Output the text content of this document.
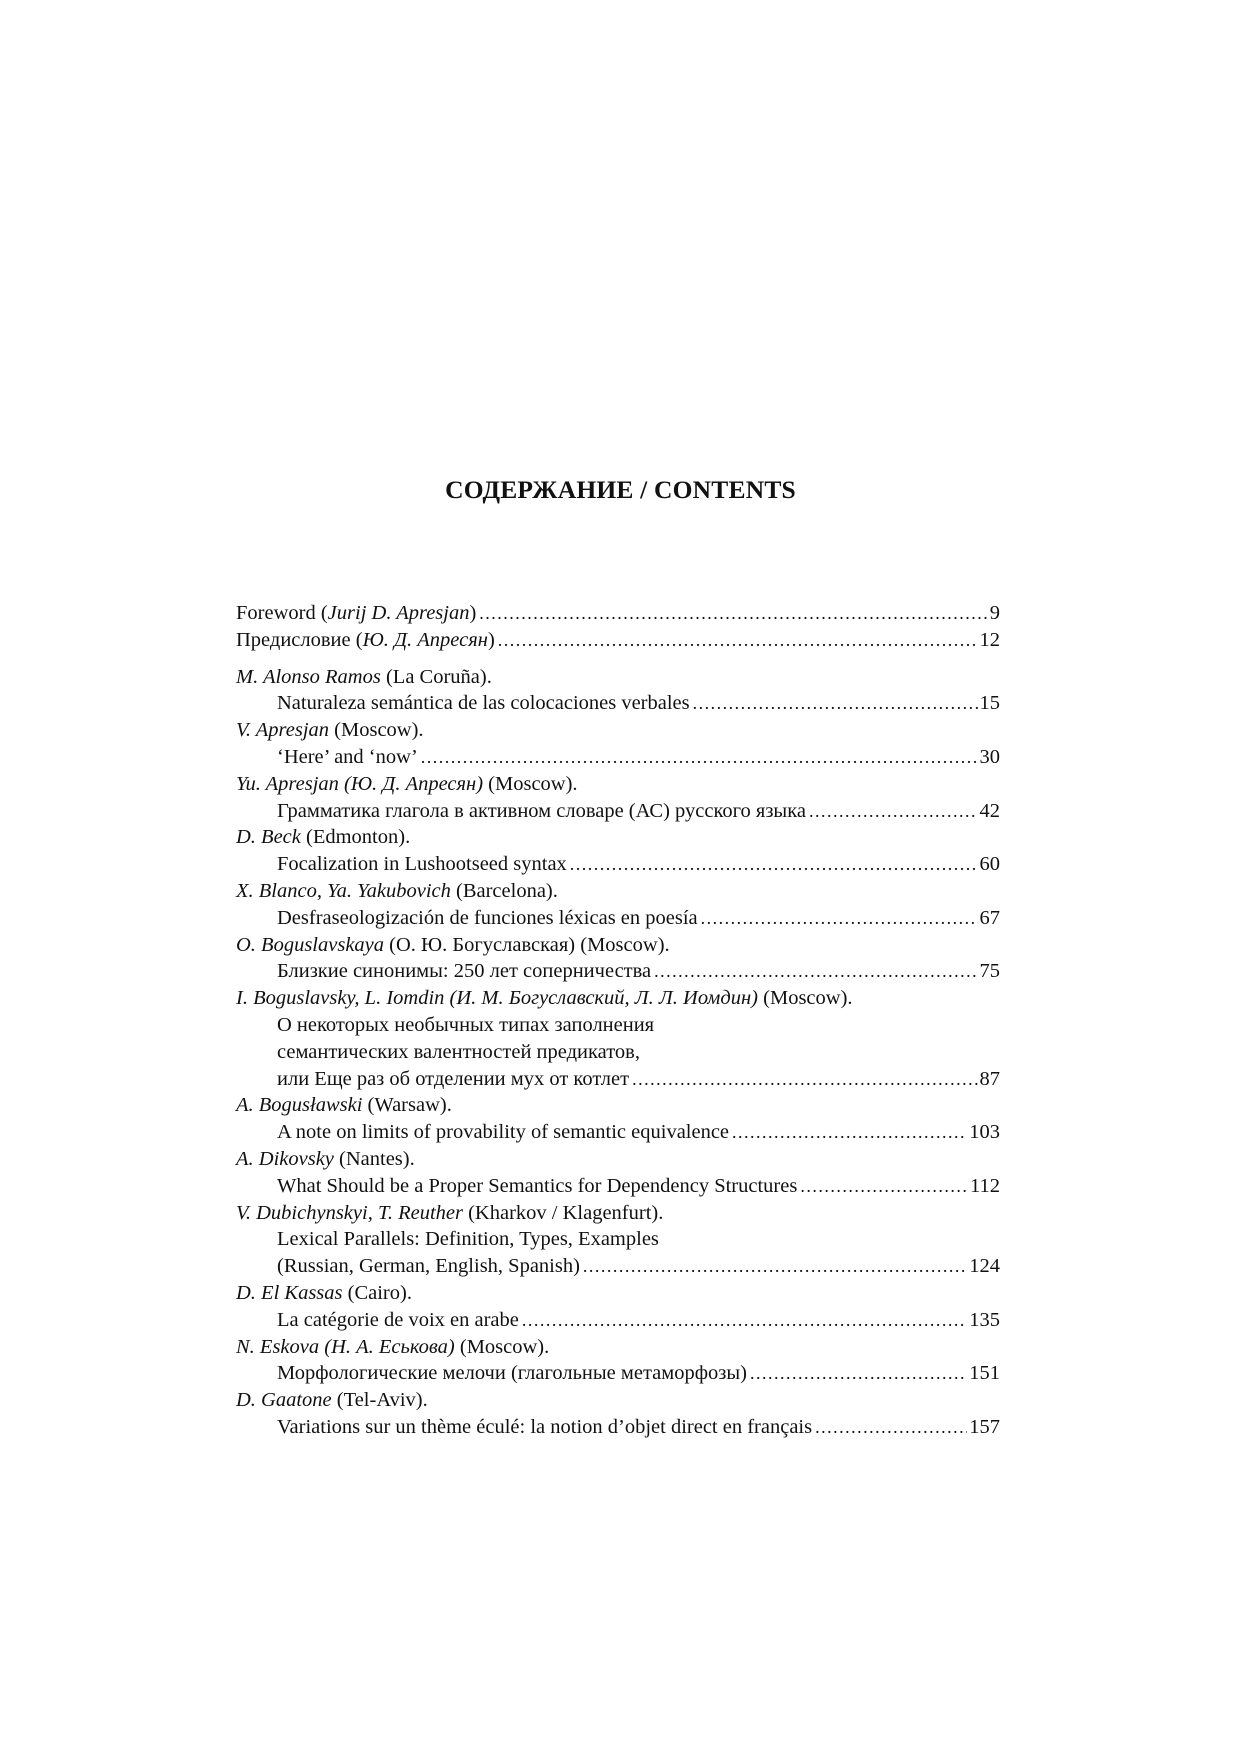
СОДЕРЖАНИЕ / CONTENTS
Foreword (Jurij D. Apresjan) .....	9
Предисловие (Ю. Д. Апресян) .....	12
M. Alonso Ramos (La Coruña).
Naturaleza semántica de las colocaciones verbales .....	15
V. Apresjan (Moscow).
‘Here’ and ‘now’ .....	30
Yu. Apresjan (Ю. Д. Апресян) (Moscow).
Грамматика глагола в активном словаре (АС) русского языка .....	42
D. Beck (Edmonton).
Focalization in Lushootseed syntax .....	60
X. Blanco, Ya. Yakubovich (Barcelona).
Desfraseologización de funciones léxicas en poesía .....	67
O. Boguslavskaya (О. Ю. Богуславская) (Moscow).
Близкие синонимы: 250 лет соперничества .....	75
I. Boguslavsky, L. Iomdin (И. М. Богуславский, Л. Л. Иомдин) (Moscow).
О некоторых необычных типах заполнения
семантических валентностей предикатов,
или Еще раз об отделении мух от котлет .....	87
A. Bogusławski (Warsaw).
A note on limits of provability of semantic equivalence .....	103
A. Dikovsky (Nantes).
What Should be a Proper Semantics for Dependency Structures .....	112
V. Dubichynskyi, T. Reuther (Kharkov / Klagenfurt).
Lexical Parallels: Definition, Types, Examples
(Russian, German, English, Spanish) .....	124
D. El Kassas (Cairo).
La catégorie de voix en arabe .....	135
N. Eskova (Н. А. Еськова) (Moscow).
Морфологические мелочи (глагольные метаморфозы) .....	151
D. Gaatone (Tel-Aviv).
Variations sur un thème éculé: la notion d’objet direct en français .....	157
